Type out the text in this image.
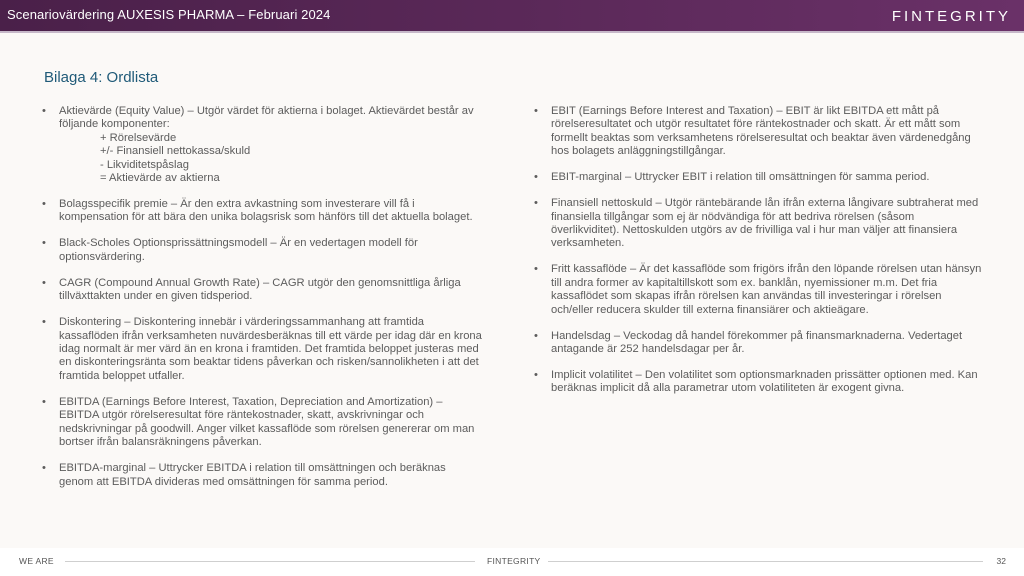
Scenariovärdering AUXESIS PHARMA – Februari 2024	FINTEGRITY
Bilaga 4: Ordlista
• Aktievärde (Equity Value) – Utgör värdet för aktierna i bolaget. Aktievärdet består av följande komponenter:
+ Rörelsevärde
+/- Finansiell nettokassa/skuld
- Likviditetspåslag
= Aktievärde av aktierna
• Bolagsspecifik premie – Är den extra avkastning som investerare vill få i kompensation för att bära den unika bolagsrisk som hänförs till det aktuella bolaget.
• Black-Scholes Optionsprissättningsmodell – Är en vedertagen modell för optionsvärdering.
• CAGR (Compound Annual Growth Rate) – CAGR utgör den genomsnittliga årliga tillväxttakten under en given tidsperiod.
• Diskontering – Diskontering innebär i värderingssammanhang att framtida kassaflöden ifrån verksamheten nuvärdesberäknas till ett värde per idag där en krona idag normalt är mer värd än en krona i framtiden. Det framtida beloppet justeras med en diskonteringsränta som beaktar tidens påverkan och risken/sannolikheten i att det framtida beloppet utfaller.
• EBITDA (Earnings Before Interest, Taxation, Depreciation and Amortization) – EBITDA utgör rörelseresultat före räntekostnader, skatt, avskrivningar och nedskrivningar på goodwill. Anger vilket kassaflöde som rörelsen genererar om man bortser ifrån balansräkningens påverkan.
• EBITDA-marginal – Uttrycker EBITDA i relation till omsättningen och beräknas genom att EBITDA divideras med omsättningen för samma period.
• EBIT (Earnings Before Interest and Taxation) – EBIT är likt EBITDA ett mått på rörelseresultatet och utgör resultatet före räntekostnader och skatt. Är ett mått som formellt beaktas som verksamhetens rörelseresultat och beaktar även värdenedgång hos bolagets anläggningstillgångar.
• EBIT-marginal – Uttrycker EBIT i relation till omsättningen för samma period.
• Finansiell nettoskuld – Utgör räntebärande lån ifrån externa långivare subtraherat med finansiella tillgångar som ej är nödvändiga för att bedriva rörelsen (såsom överlikviditet). Nettoskulden utgörs av de frivilliga val i hur man väljer att finansiera verksamheten.
• Fritt kassaflöde – Är det kassaflöde som frigörs ifrån den löpande rörelsen utan hänsyn till andra former av kapitaltillskott som ex. banklån, nyemissioner m.m. Det fria kassaflödet som skapas ifrån rörelsen kan användas till investeringar i rörelsen och/eller reducera skulder till externa finansiärer och aktieägare.
• Handelsdag – Veckodag då handel förekommer på finansmarknaderna. Vedertaget antagande är 252 handelsdagar per år.
• Implicit volatilitet – Den volatilitet som optionsmarknaden prissätter optionen med. Kan beräknas implicit då alla parametrar utom volatiliteten är exogent givna.
WE ARE	FINTEGRITY	32
